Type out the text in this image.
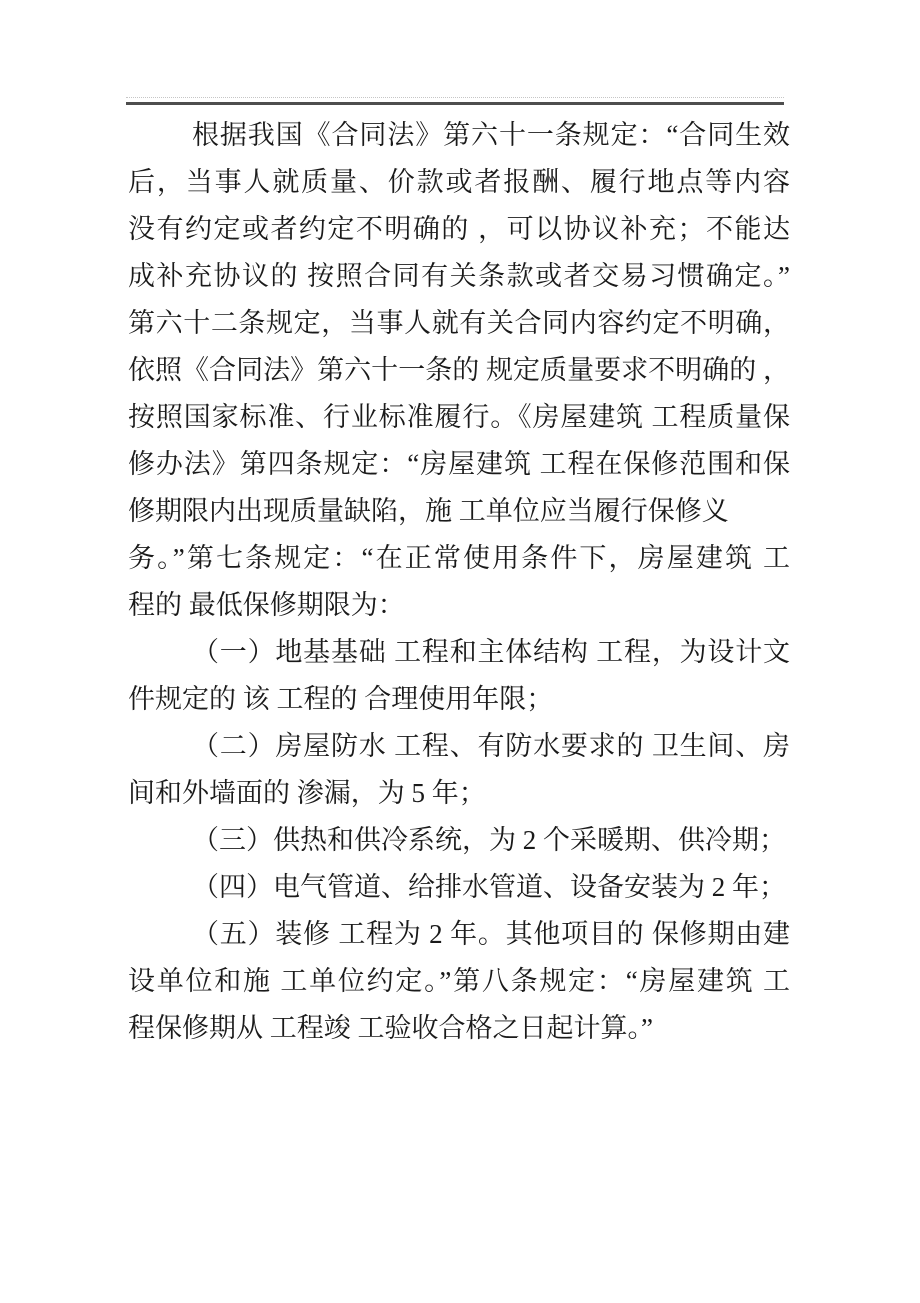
根据我国《合同法》第六十一条规定：“合同生效
后，当事人就质量、价款或者报酬、履行地点等内容
没有约定或者约定不明确的 ，可以协议补充；不能达
成补充协议的 按照合同有关条款或者交易习惯确定。”
第六十二条规定，当事人就有关合同内容约定不明确，
依照《合同法》第六十一条的 规定质量要求不明确的 ，
按照国家标准、行业标准履行。《房屋建筑 工程质量保
修办法》第四条规定：“房屋建筑 工程在保修范围和保
修期限内出现质量缺陷，施 工单位应当履行保修义
务。”第七条规定：“在正常使用条件下，房屋建筑 工
程的 最低保修期限为：
（一）地基基础 工程和主体结构 工程，为设计文
件规定的 该 工程的 合理使用年限；
（二）房屋防水 工程、有防水要求的 卫生间、房
间和外墙面的 渗漏，为 5 年；
（三）供热和供冷系统，为 2 个采暖期、供冷期；
（四）电气管道、给排水管道、设备安装为 2 年；
（五）装修 工程为 2 年。其他项目的 保修期由建
设单位和施 工单位约定。”第八条规定：“房屋建筑 工
程保修期从 工程竣 工验收合格之日起计算。”
